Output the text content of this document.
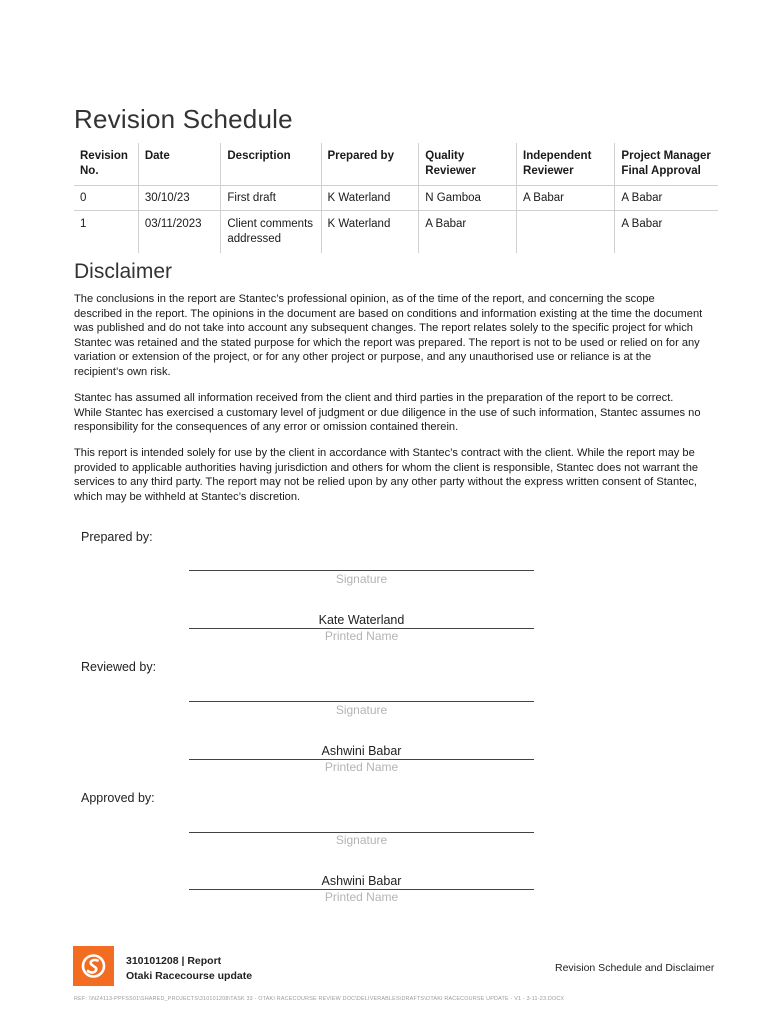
Revision Schedule
Revision No.	Date	Description	Prepared by	Quality Reviewer	Independent Reviewer	Project Manager Final Approval
0	30/10/23	First draft	K Waterland	N Gamboa	A Babar	A Babar
1	03/11/2023	Client comments addressed	K Waterland	A Babar		A Babar
Disclaimer

The conclusions in the report are Stantec’s professional opinion, as of the time of the report, and concerning the scope described in the report. The opinions in the document are based on conditions and information existing at the time the document was published and do not take into account any subsequent changes. The report relates solely to the specific project for which Stantec was retained and the stated purpose for which the report was prepared. The report is not to be used or relied on for any variation or extension of the project, or for any other project or purpose, and any unauthorised use or reliance is at the recipient’s own risk.

Stantec has assumed all information received from the client and third parties in the preparation of the report to be correct. While Stantec has exercised a customary level of judgment or due diligence in the use of such information, Stantec assumes no responsibility for the consequences of any error or omission contained therein.

This report is intended solely for use by the client in accordance with Stantec’s contract with the client. While the report may be provided to applicable authorities having jurisdiction and others for whom the client is responsible, Stantec does not warrant the services to any third party. The report may not be relied upon by any other party without the express written consent of Stantec, which may be withheld at Stantec’s discretion.

Prepared by:
Signature
Kate Waterland
Printed Name
Reviewed by:
Signature
Ashwini Babar
Printed Name
Approved by:
Signature
Ashwini Babar
Printed Name
310101208 | Report
Otaki Racecourse update
Revision Schedule and Disclaimer
REF: \\NZ4113-PPFSS01\SHARED_PROJECTS\310101208\TASK 33 - OTAKI RACECOURSE REVIEW DOC\DELIVERABLES\DRAFTS\OTAKI RACECOURSE UPDATE - V1 - 3-11-23.DOCX
